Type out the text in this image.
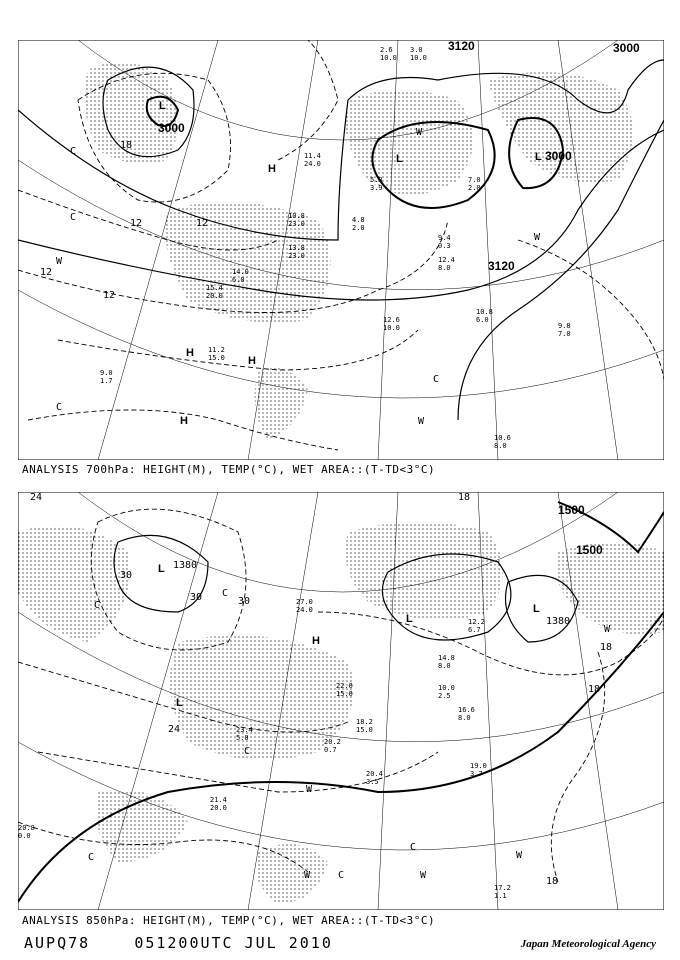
3000
3000
3120
3120
3000
18
12	12
12
12
L
L	L
H
H
H
H
W
W
W
W
C
C
C
C
11.4 24.0
13.8 23.0
15.4 20.0
12.6 10.0
10.8 6.0
9.8 7.0
10.6 8.0
10.8 23.0
11.2 15.0
9.0 1.7
4.8 2.0
3.0 10.0
2.6 10.0
7.0 2.0
9.4 0.3
12.4 8.0
14.0 6.0
5.8 3.9
ANALYSIS 700hPa: HEIGHT(M), TEMP(°C), WET AREA::(T-TD<3°C)
1500
1500
1380
1380
24
30
30	30
18
18
18
18
24
L
L
L
L
H
W
W
W	W
W
C
C
C
C
C
C
27.0 24.0
22.0 15.0
20.4 3.5
19.0 3.7
18.2 15.0
17.2 1.1
20.8 0.0
21.4 20.0
20.2 0.7
23.4 5.0
14.8 8.0
12.2 6.7
10.0 2.5
16.6 8.0
ANALYSIS 850hPa: HEIGHT(M), TEMP(°C), WET AREA::(T-TD<3°C)
AUPQ78	051200UTC JUL 2010	Japan Meteorological Agency
